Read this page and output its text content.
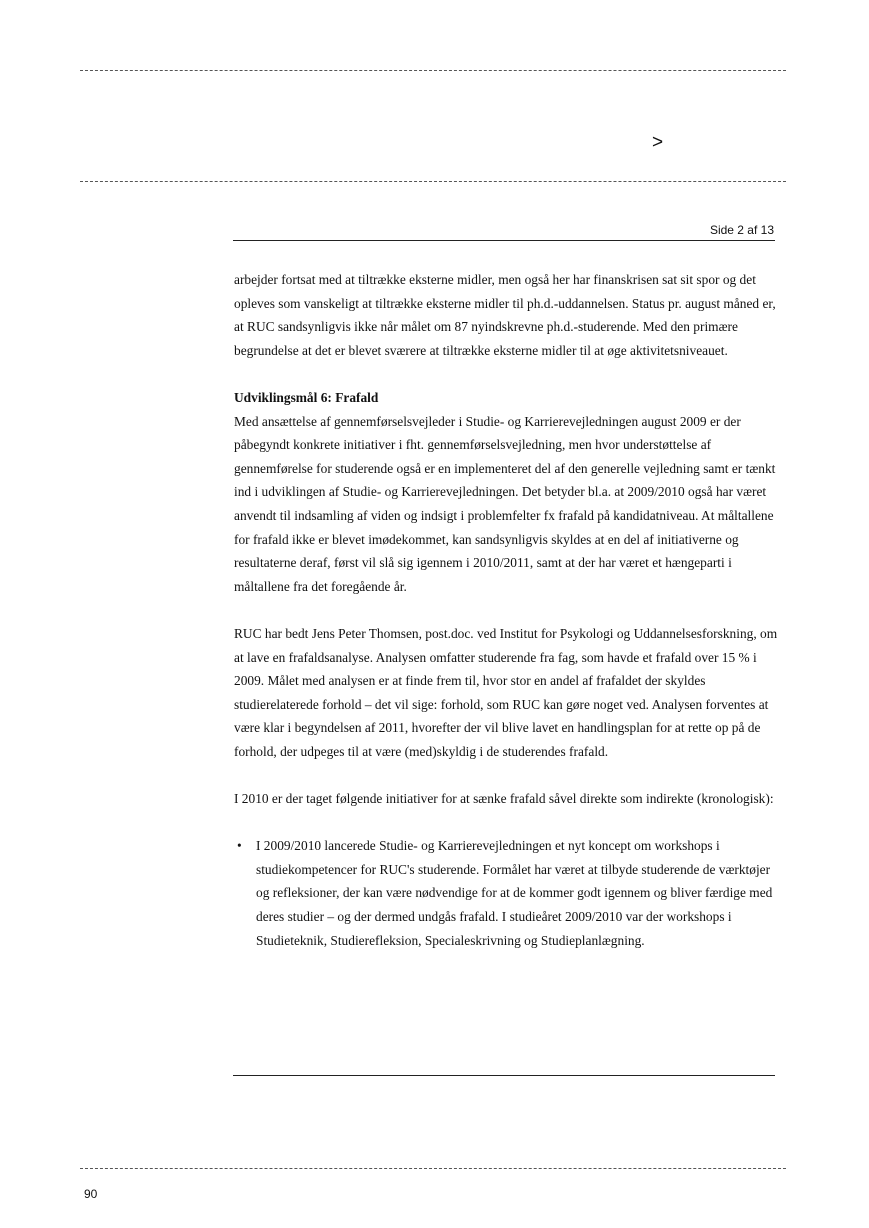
>
Side 2 af 13

arbejder fortsat med at tiltrække eksterne midler, men også her har finanskrisen sat sit spor og det opleves som vanskeligt at tiltrække eksterne midler til ph.d.-uddannelsen. Status pr. august måned er, at RUC sandsynligvis ikke når målet om 87 nyindskrevne ph.d.-studerende. Med den primære begrundelse at det er blevet sværere at tiltrække eksterne midler til at øge aktivitetsniveauet.

Udviklingsmål 6: Frafald

Med ansættelse af gennemførselsvejleder i Studie- og Karrierevejledningen august 2009 er der påbegyndt konkrete initiativer i fht. gennemførselsvejledning, men hvor understøttelse af gennemførelse for studerende også er en implementeret del af den generelle vejledning samt er tænkt ind i udviklingen af Studie- og Karrierevejledningen. Det betyder bl.a. at 2009/2010 også har været anvendt til indsamling af viden og indsigt i problemfelter fx frafald på kandidatniveau. At måltallene for frafald ikke er blevet imødekommet, kan sandsynligvis skyldes at en del af initiativerne og resultaterne deraf, først vil slå sig igennem i 2010/2011, samt at der har været et hængeparti i måltallene fra det foregående år.

RUC har bedt Jens Peter Thomsen, post.doc. ved Institut for Psykologi og Uddannelsesforskning, om at lave en frafaldsanalyse. Analysen omfatter studerende fra fag, som havde et frafald over 15 % i 2009. Målet med analysen er at finde frem til, hvor stor en andel af frafaldet der skyldes studierelaterede forhold – det vil sige: forhold, som RUC kan gøre noget ved. Analysen forventes at være klar i begyndelsen af 2011, hvorefter der vil blive lavet en handlingsplan for at rette op på de forhold, der udpeges til at være (med)skyldig i de studerendes frafald.

I 2010 er der taget følgende initiativer for at sænke frafald såvel direkte som indirekte (kronologisk):

• I 2009/2010 lancerede Studie- og Karrierevejledningen et nyt koncept om workshops i studiekompetencer for RUC's studerende. Formålet har været at tilbyde studerende de værktøjer og refleksioner, der kan være nødvendige for at de kommer godt igennem og bliver færdige med deres studier – og der dermed undgås frafald. I studieåret 2009/2010 var der workshops i Studieteknik, Studierefleksion, Specialeskrivning og Studieplanlægning.
90
